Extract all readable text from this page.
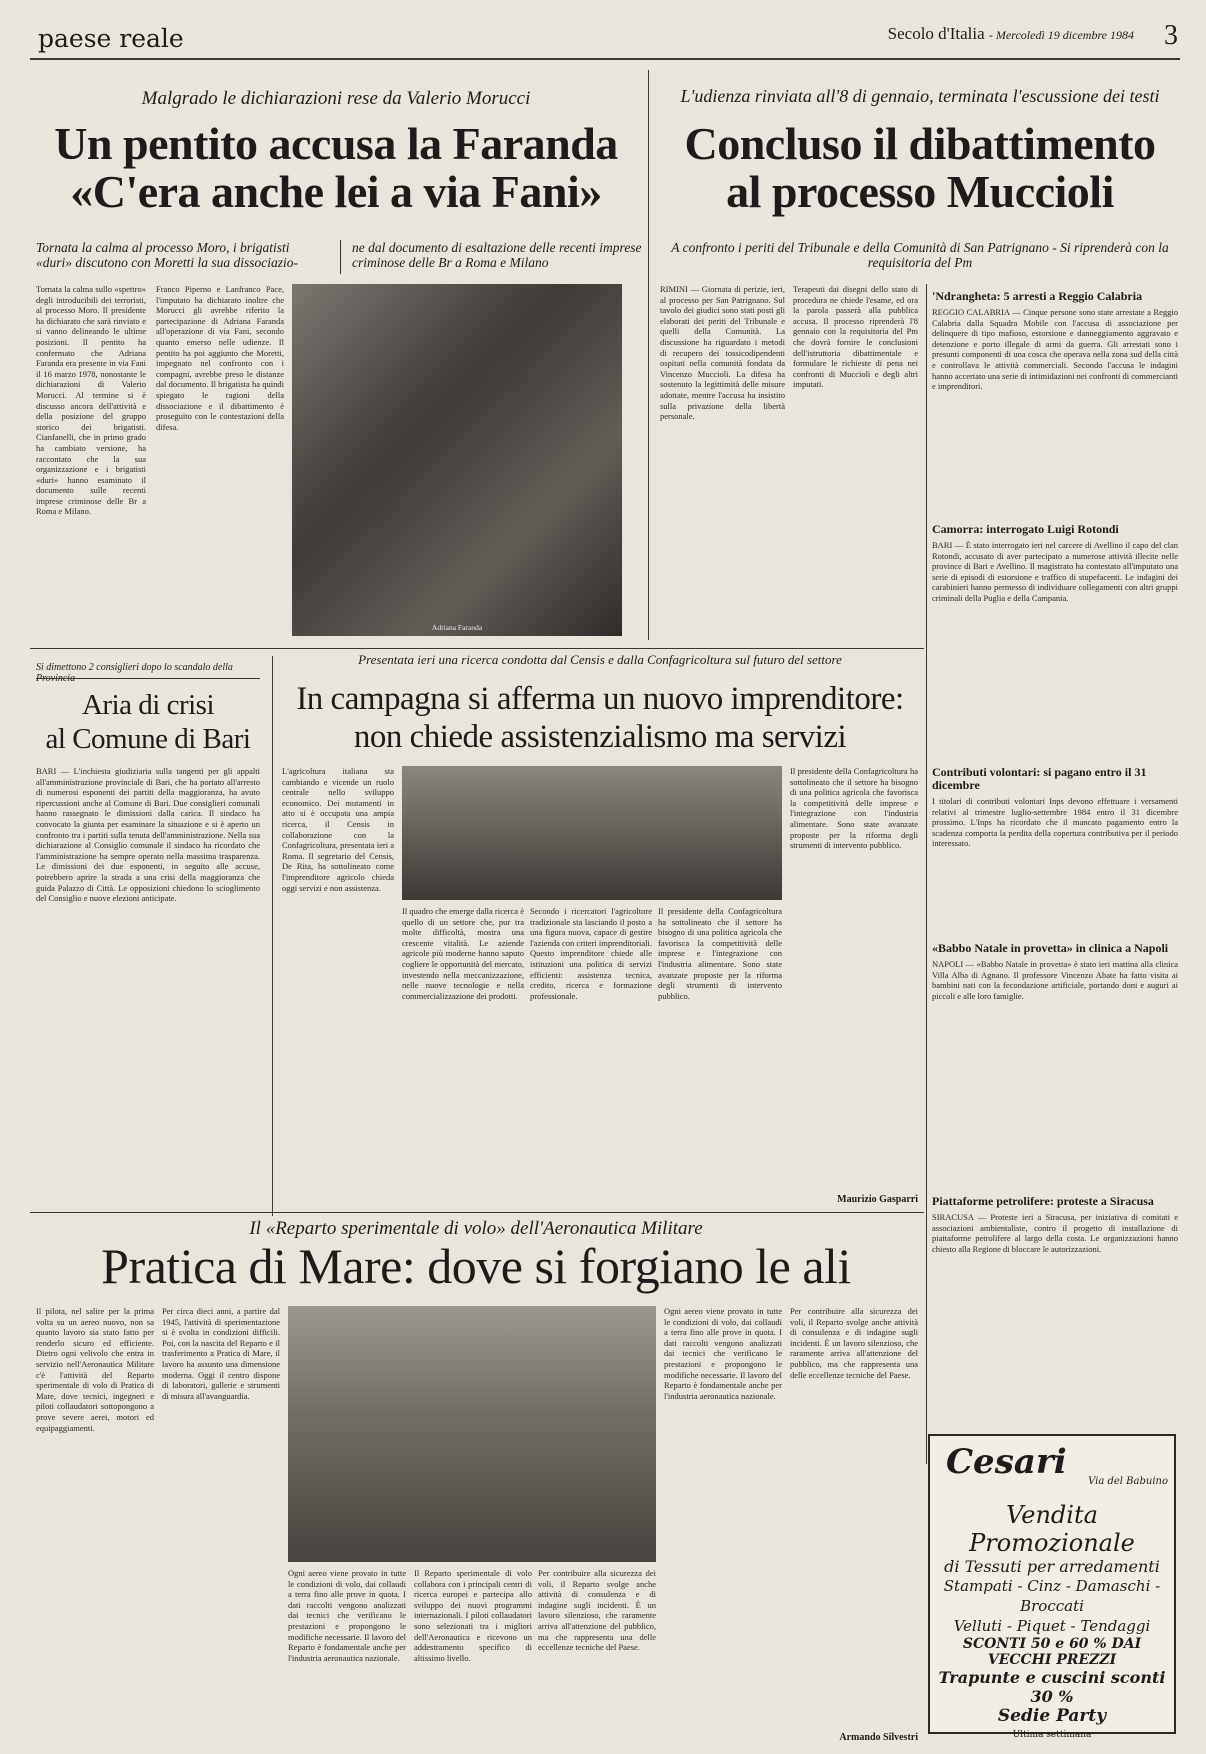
paese reale	Secolo d'Italia - Mercoledì 19 dicembre 1984 3
Malgrado le dichiarazioni rese da Valerio Morucci
Un pentito accusa la Faranda
«C'era anche lei a via Fani»
Tornata la calma al processo Moro, i brigatisti «duri» discutono con Moretti la sua dissociazio-
ne dal documento di esaltazione delle recenti imprese criminose delle Br a Roma e Milano
Tornata la calma sullo «spettro» degli introducibili dei terroristi, al processo Moro. Il presidente ha dichiarato che sarà rinviato e si vanno delineando le ultime posizioni. Il pentito ha confermato che Adriana Faranda era presente in via Fani il 16 marzo 1978, nonostante le dichiarazioni di Valerio Morucci. Al termine si è discusso ancora dell'attività e della posizione del gruppo storico dei brigatisti. Cianfanelli, che in primo grado ha cambiato versione, ha raccontato che la sua organizzazione e i brigatisti «duri» hanno esaminato il documento sulle recenti imprese criminose delle Br a Roma e Milano.
Franco Piperno e Lanfranco Pace, l'imputato ha dichiarato inoltre che Morucci gli avrebbe riferito la partecipazione di Adriana Faranda all'operazione di via Fani, secondo quanto emerso nelle udienze. Il pentito ha poi aggiunto che Moretti, impegnato nel confronto con i compagni, avrebbe preso le distanze dal documento. Il brigatista ha quindi spiegato le ragioni della dissociazione e il dibattimento è proseguito con le contestazioni della difesa.
Adriana Faranda
L'udienza rinviata all'8 di gennaio, terminata l'escussione dei testi
Concluso il dibattimento
al processo Muccioli
A confronto i periti del Tribunale e della Comunità di San Patrignano - Si riprenderà con la requisitoria del Pm
RIMINI — Giornata di perizie, ieri, al processo per San Patrignano. Sul tavolo dei giudici sono stati posti gli elaborati dei periti del Tribunale e quelli della Comunità. La discussione ha riguardato i metodi di recupero dei tossicodipendenti ospitati nella comunità fondata da Vincenzo Muccioli. La difesa ha sostenuto la legittimità delle misure adottate, mentre l'accusa ha insistito sulla privazione della libertà personale.
Terapeuti dai disegni dello stato di procedura ne chiede l'esame, ed ora la parola passerà alla pubblica accusa. Il processo riprenderà l'8 gennaio con la requisitoria del Pm che dovrà fornire le conclusioni dell'istruttoria dibattimentale e formulare le richieste di pena nei confronti di Muccioli e degli altri imputati.
'Ndrangheta: 5 arresti a Reggio Calabria
REGGIO CALABRIA — Cinque persone sono state arrestate a Reggio Calabria dalla Squadra Mobile con l'accusa di associazione per delinquere di tipo mafioso, estorsione e danneggiamento aggravato e detenzione e porto illegale di armi da guerra. Gli arrestati sono i presunti componenti di una cosca che operava nella zona sud della città e controllava le attività commerciali. Secondo l'accusa le indagini hanno accertato una serie di intimidazioni nei confronti di commercianti e imprenditori.
Camorra: interrogato Luigi Rotondi
BARI — È stato interrogato ieri nel carcere di Avellino il capo del clan Rotondi, accusato di aver partecipato a numerose attività illecite nelle province di Bari e Avellino. Il magistrato ha contestato all'imputato una serie di episodi di estorsione e traffico di stupefacenti. Le indagini dei carabinieri hanno permesso di individuare collegamenti con altri gruppi criminali della Puglia e della Campania.
Contributi volontari: si pagano entro il 31 dicembre
I titolari di contributi volontari Inps devono effettuare i versamenti relativi al trimestre luglio-settembre 1984 entro il 31 dicembre prossimo. L'Inps ha ricordato che il mancato pagamento entro la scadenza comporta la perdita della copertura contributiva per il periodo interessato.
«Babbo Natale in provetta» in clinica a Napoli
NAPOLI — «Babbo Natale in provetta» è stato ieri mattina alla clinica Villa Alba di Agnano. Il professore Vincenzo Abate ha fatto visita ai bambini nati con la fecondazione artificiale, portando doni e auguri ai piccoli e alle loro famiglie.
Piattaforme petrolifere: proteste a Siracusa
SIRACUSA — Proteste ieri a Siracusa, per iniziativa di comitati e associazioni ambientaliste, contro il progetto di installazione di piattaforme petrolifere al largo della costa. Le organizzazioni hanno chiesto alla Regione di bloccare le autorizzazioni.
Si dimettono 2 consiglieri dopo lo scandalo della
Aria di crisi
al Comune di Bari
BARI — L'inchiesta giudiziaria sulla tangenti per gli appalti all'amministrazione provinciale di Bari, che ha portato all'arresto di numerosi esponenti dei partiti della maggioranza, ha avuto ripercussioni anche al Comune di Bari. Due consiglieri comunali hanno rassegnato le dimissioni dalla carica. Il sindaco ha convocato la giunta per esaminare la situazione e si è aperto un confronto tra i partiti sulla tenuta dell'amministrazione. Nella sua dichiarazione al Consiglio comunale il sindaco ha ricordato che l'amministrazione ha sempre operato nella massima trasparenza. Le dimissioni dei due esponenti, in seguito alle accuse, potrebbero aprire la strada a una crisi della maggioranza che guida Palazzo di Città. Le opposizioni chiedono lo scioglimento del Consiglio e nuove elezioni anticipate.
Presentata ieri una ricerca condotta dal Censis e dalla Confagricoltura sul futuro del settore
In campagna si afferma un nuovo imprenditore:
non chiede assistenzialismo ma servizi
L'agricoltura italiana sta cambiando e vicende un ruolo centrale nello sviluppo economico. Dei mutamenti in atto si è occupata una ampia ricerca, il Censis in collaborazione con la Confagricoltura, presentata ieri a Roma. Il segretario del Censis, De Rita, ha sottolineato come l'imprenditore agricolo chieda oggi servizi e non assistenza.
Il quadro che emerge dalla ricerca è quello di un settore che, pur tra molte difficoltà, mostra una crescente vitalità. Le aziende agricole più moderne hanno saputo cogliere le opportunità del mercato, investendo nella meccanizzazione, nelle nuove tecnologie e nella commercializzazione dei prodotti.
Secondo i ricercatori l'agricoltore tradizionale sta lasciando il posto a una figura nuova, capace di gestire l'azienda con criteri imprenditoriali. Questo imprenditore chiede alle istituzioni una politica di servizi efficienti: assistenza tecnica, credito, ricerca e formazione professionale.
Il presidente della Confagricoltura ha sottolineato che il settore ha bisogno di una politica agricola che favorisca la competitività delle imprese e l'integrazione con l'industria alimentare. Sono state avanzate proposte per la riforma degli strumenti di intervento pubblico.
Il presidente della Confagricoltura ha sottolineato che il settore ha bisogno di una politica agricola che favorisca la competitività delle imprese e l'integrazione con l'industria alimentare. Sono state avanzate proposte per la riforma degli strumenti di intervento pubblico.
Maurizio Gasparri
Il «Reparto sperimentale di volo» dell'Aeronautica Militare
Pratica di Mare: dove si forgiano le ali
Il pilota, nel salire per la prima volta su un aereo nuovo, non sa quanto lavoro sia stato fatto per renderlo sicuro ed efficiente. Dietro ogni velivolo che entra in servizio nell'Aeronautica Militare c'è l'attività del Reparto sperimentale di volo di Pratica di Mare, dove tecnici, ingegneri e piloti collaudatori sottopongono a prove severe aerei, motori ed equipaggiamenti.
Per circa dieci anni, a partire dal 1945, l'attività di sperimentazione si è svolta in condizioni difficili. Poi, con la nascita del Reparto e il trasferimento a Pratica di Mare, il lavoro ha assunto una dimensione moderna. Oggi il centro dispone di laboratori, gallerie e strumenti di misura all'avanguardia.
Ogni aereo viene provato in tutte le condizioni di volo, dai collaudi a terra fino alle prove in quota. I dati raccolti vengono analizzati dai tecnici che verificano le prestazioni e propongono le modifiche necessarie. Il lavoro del Reparto è fondamentale anche per l'industria aeronautica nazionale.
Il Reparto sperimentale di volo collabora con i principali centri di ricerca europei e partecipa allo sviluppo dei nuovi programmi internazionali. I piloti collaudatori sono selezionati tra i migliori dell'Aeronautica e ricevono un addestramento specifico di altissimo livello.
Per contribuire alla sicurezza dei voli, il Reparto svolge anche attività di consulenza e di indagine sugli incidenti. È un lavoro silenzioso, che raramente arriva all'attenzione del pubblico, ma che rappresenta una delle eccellenze tecniche del Paese.
Ogni aereo viene provato in tutte le condizioni di volo, dai collaudi a terra fino alle prove in quota. I dati raccolti vengono analizzati dai tecnici che verificano le prestazioni e propongono le modifiche necessarie. Il lavoro del Reparto è fondamentale anche per l'industria aeronautica nazionale.
Per contribuire alla sicurezza dei voli, il Reparto svolge anche attività di consulenza e di indagine sugli incidenti. È un lavoro silenzioso, che raramente arriva all'attenzione del pubblico, ma che rappresenta una delle eccellenze tecniche del Paese.
Armando Silvestri
Cesari	Via del Babuino
Vendita Promozionale
di Tessuti per arredamenti
Stampati - Cinz - Damaschi - Broccati
Velluti - Piquet - Tendaggi
SCONTI 50 e 60 % DAI VECCHI PREZZI
Trapunte e cuscini sconti 30 %
Sedie Party
Ultima settimana
